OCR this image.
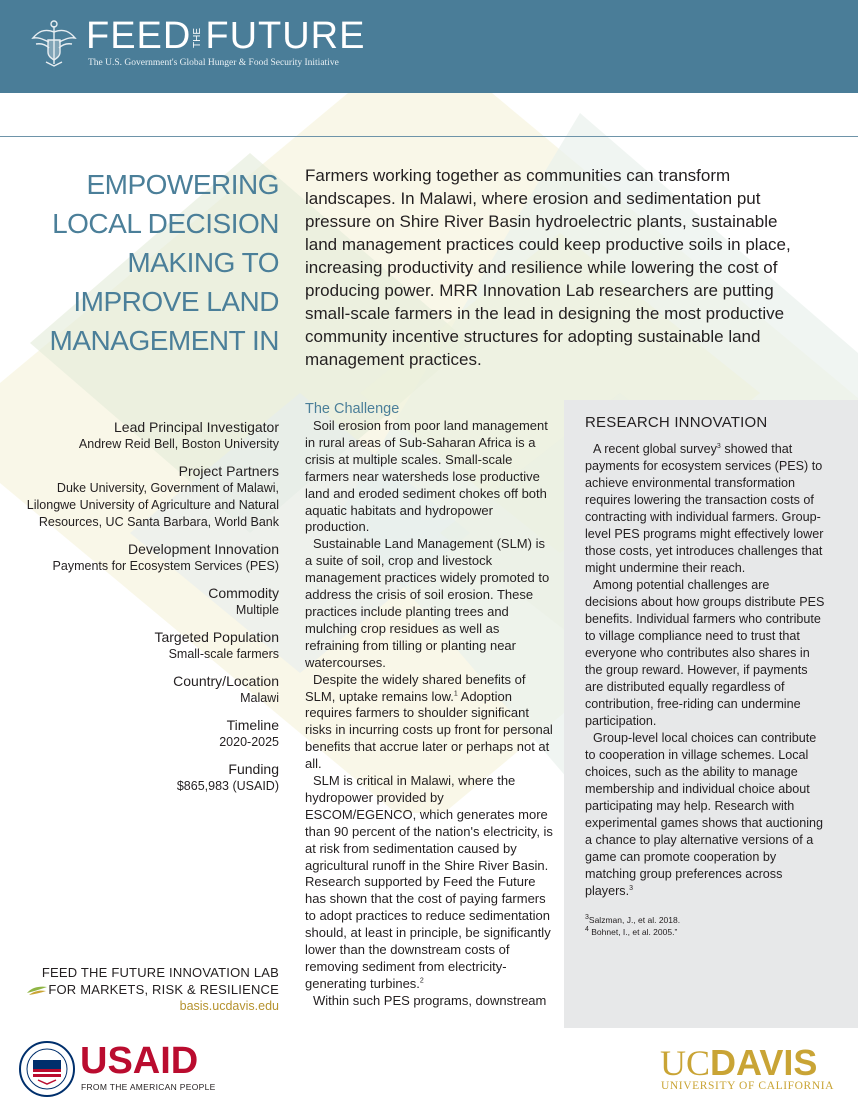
FEEDTHEFUTURE
The U.S. Government's Global Hunger & Food Security Initiative
EMPOWERING
LOCAL DECISION
MAKING TO
IMPROVE LAND
MANAGEMENT IN
Farmers working together as communities can transform landscapes. In Malawi, where erosion and sedimentation put pressure on Shire River Basin hydroelectric plants, sustainable land management practices could keep productive soils in place, increasing productivity and resilience while lowering the cost of producing power. MRR Innovation Lab researchers are putting small-scale farmers in the lead in designing the most productive community incentive structures for adopting sustainable land management practices.
Lead Principal Investigator
Andrew Reid Bell, Boston University
Project Partners
Duke University, Government of Malawi, Lilongwe University of Agriculture and Natural Resources, UC Santa Barbara, World Bank
Development Innovation
Payments for Ecosystem Services (PES)
Commodity
Multiple
Targeted Population
Small-scale farmers
Country/Location
Malawi
Timeline
2020-2025
Funding
$865,983 (USAID)
FEED THE FUTURE INNOVATION LAB
FOR MARKETS, RISK & RESILIENCE
basis.ucdavis.edu
The Challenge

Soil erosion from poor land management in rural areas of Sub-Saharan Africa is a crisis at multiple scales. Small-scale farmers near watersheds lose productive land and eroded sediment chokes off both aquatic habitats and hydropower production.

Sustainable Land Management (SLM) is a suite of soil, crop and livestock management practices widely promoted to address the crisis of soil erosion. These practices include planting trees and mulching crop residues as well as refraining from tilling or planting near watercourses.

Despite the widely shared benefits of SLM, uptake remains low.$^1$ Adoption requires farmers to shoulder significant risks in incurring costs up front for personal benefits that accrue later or perhaps not at all.

SLM is critical in Malawi, where the hydropower provided by ESCOM/EGENCO, which generates more than 90 percent of the nation's electricity, is at risk from sedimentation caused by agricultural runoff in the Shire River Basin. Research supported by Feed the Future has shown that the cost of paying farmers to adopt practices to reduce sedimentation should, at least in principle, be significantly lower than the downstream costs of removing sediment from electricity-generating turbines.$^2$

Within such PES programs, downstream

RESEARCH INNOVATION

A recent global survey$^3$ showed that payments for ecosystem services (PES) to achieve environmental transformation requires lowering the transaction costs of contracting with individual farmers. Group-level PES programs might effectively lower those costs, yet introduces challenges that might undermine their reach.

Among potential challenges are decisions about how groups distribute PES benefits. Individual farmers who contribute to village compliance need to trust that everyone who contributes also shares in the group reward. However, if payments are distributed equally regardless of contribution, free-riding can undermine participation.

Group-level local choices can contribute to cooperation in village schemes. Local choices, such as the ability to manage membership and individual choice about participating may help. Research with experimental games shows that auctioning a chance to play alternative versions of a game can promote cooperation by matching group preferences across players.$^3$

$^3$Salzman, J., et al. 2018.
$^4$ Bohnet, I., et al. 2005.”
USAID
FROM THE AMERICAN PEOPLE
UCDAVIS
UNIVERSITY OF CALIFORNIA
